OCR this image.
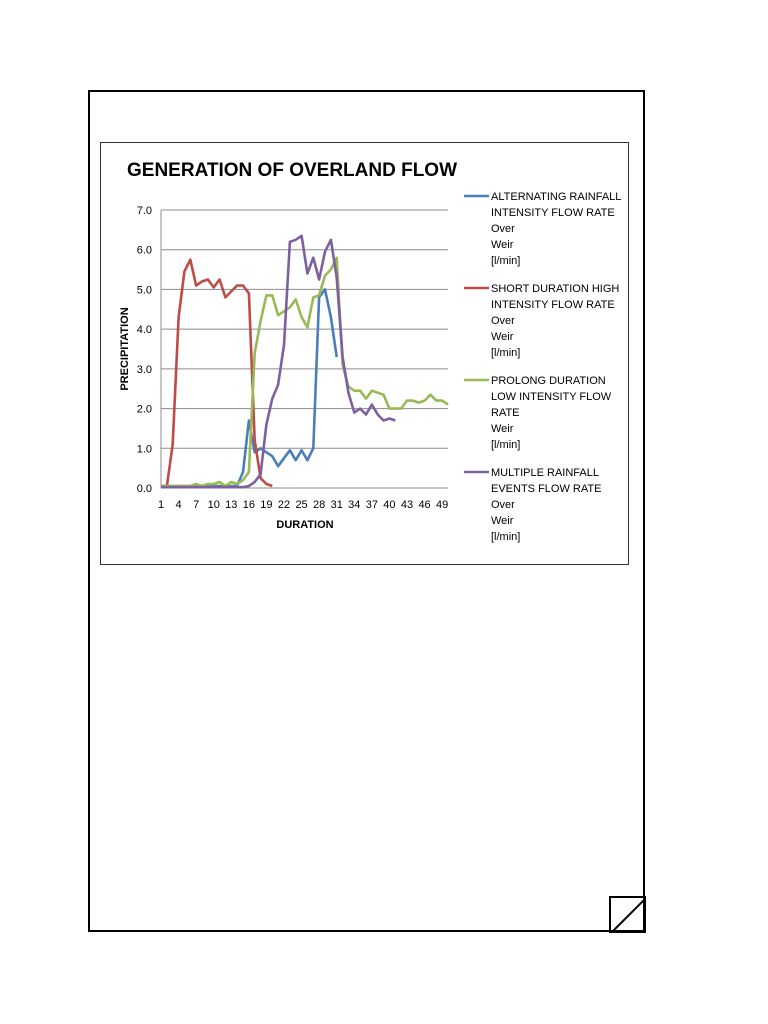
GENERATION OF OVERLAND FLOW
0.0
1.0
2.0
3.0
4.0
5.0
6.0
7.0
1 4 7 10 13 16 19 22 25 28 31 34 37 40 43 46 49
DURATION
PRECIPITATION
ALTERNATING RAINFALL
INTENSITY FLOW RATE
Over
Weir
[l/min]
SHORT DURATION HIGH
INTENSITY FLOW RATE
Over
Weir
[l/min]
PROLONG DURATION
LOW INTENSITY FLOW
RATE
Weir
[l/min]
MULTIPLE RAINFALL
EVENTS FLOW RATE
Over
Weir
[l/min]
